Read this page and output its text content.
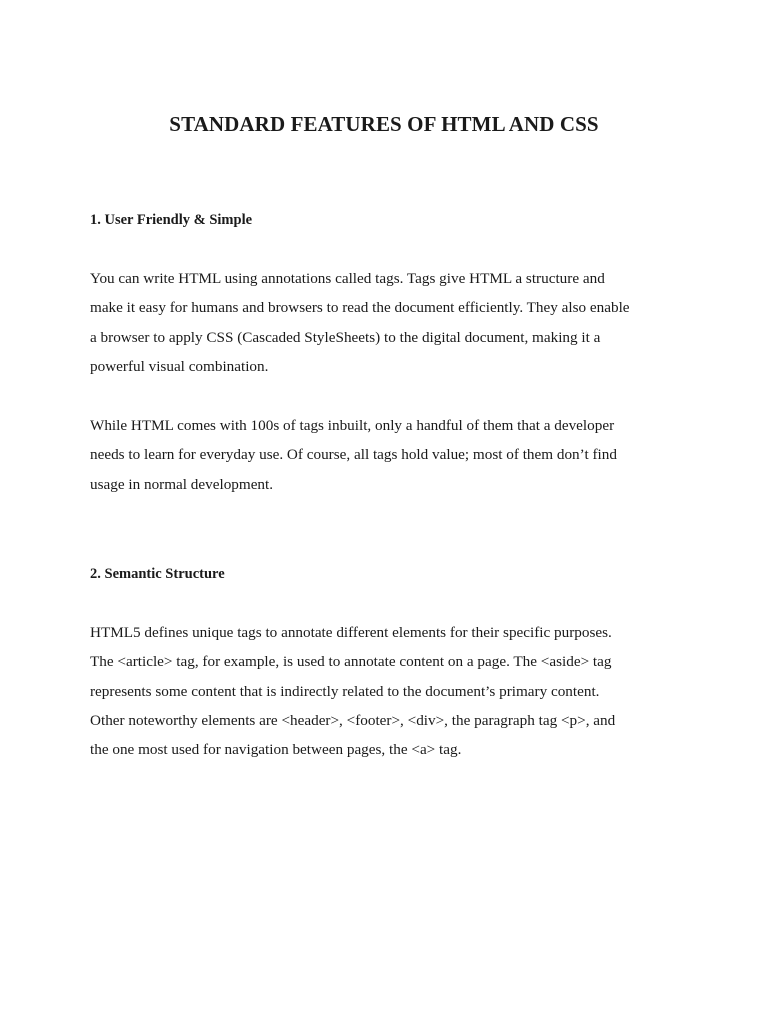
STANDARD FEATURES OF HTML AND CSS
1. User Friendly & Simple

You can write HTML using annotations called tags. Tags give HTML a structure and
make it easy for humans and browsers to read the document efficiently. They also enable
a browser to apply CSS (Cascaded StyleSheets) to the digital document, making it a
powerful visual combination.

While HTML comes with 100s of tags inbuilt, only a handful of them that a developer
needs to learn for everyday use. Of course, all tags hold value; most of them don’t find
usage in normal development.

2. Semantic Structure

HTML5 defines unique tags to annotate different elements for their specific purposes.
The <article> tag, for example, is used to annotate content on a page. The <aside> tag
represents some content that is indirectly related to the document’s primary content.
Other noteworthy elements are <header>, <footer>, <div>, the paragraph tag <p>, and
the one most used for navigation between pages, the <a> tag.
